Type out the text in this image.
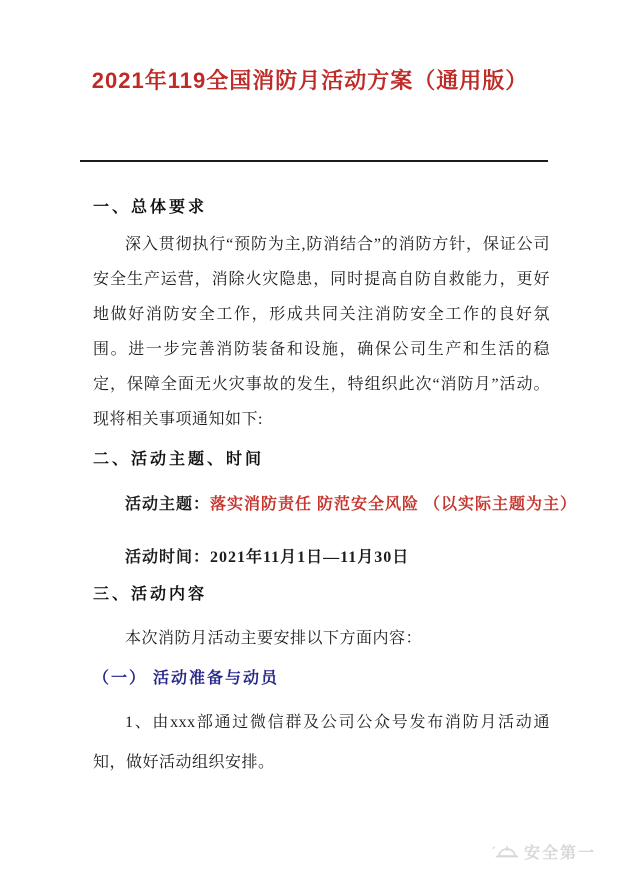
2021年119全国消防月活动方案（通用版）
一、总体要求

深入贯彻执行“预防为主,防消结合”的消防方针，保证公司安全生产运营，消除火灾隐患，同时提高自防自救能力，更好地做好消防安全工作，形成共同关注消防安全工作的良好氛围。进一步完善消防装备和设施，确保公司生产和生活的稳定，保障全面无火灾事故的发生，特组织此次“消防月”活动。现将相关事项通知如下:

二、活动主题、时间

活动主题：落实消防责任 防范安全风险 （以实际主题为主）

活动时间：2021年11月1日—11月30日

三、活动内容

本次消防月活动主要安排以下方面内容：

（一） 活动准备与动员

1、由xxx部通过微信群及公司公众号发布消防月活动通知，做好活动组织安排。

安全第一
